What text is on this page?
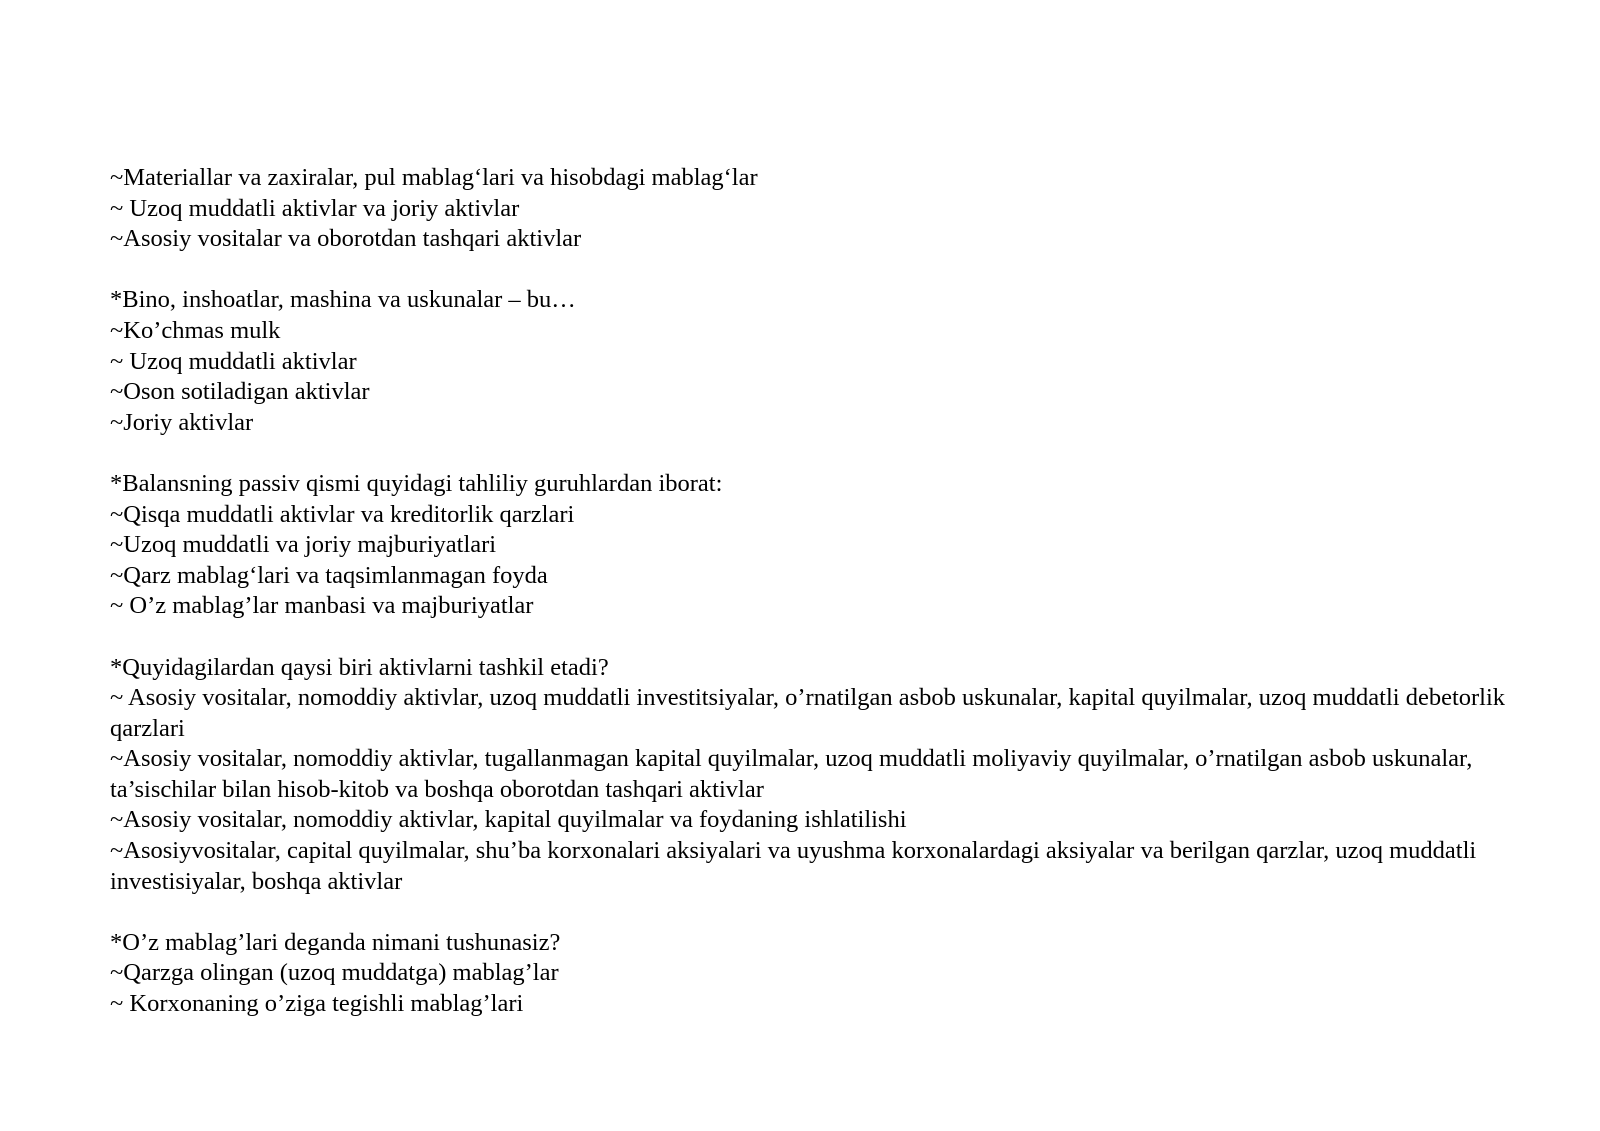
~Materiallar va zaxiralar, pul mablag‘lari va hisobdagi mablag‘lar
~ Uzoq muddatli aktivlar va joriy aktivlar
~Asosiy vositalar va oborotdan tashqari aktivlar
*Bino, inshoatlar, mashina va uskunalar – bu…
~Ko’chmas mulk
~ Uzoq muddatli aktivlar
~Oson sotiladigan aktivlar
~Joriy aktivlar
*Balansning passiv qismi quyidagi tahliliy guruhlardan iborat:
~Qisqa muddatli aktivlar va kreditorlik qarzlari
~Uzoq muddatli va joriy majburiyatlari
~Qarz mablag‘lari va taqsimlanmagan foyda
~ O’z mablag’lar manbasi va majburiyatlar
*Quyidagilardan qaysi biri aktivlarni tashkil etadi?
~ Asosiy vositalar, nomoddiy aktivlar, uzoq muddatli investitsiyalar, o’rnatilgan asbob uskunalar, kapital quyilmalar, uzoq muddatli debetorlik qarzlari
~Asosiy vositalar, nomoddiy aktivlar, tugallanmagan kapital quyilmalar, uzoq muddatli moliyaviy quyilmalar, o’rnatilgan asbob uskunalar, ta’sischilar bilan hisob-kitob va boshqa oborotdan tashqari aktivlar
~Asosiy vositalar, nomoddiy aktivlar, kapital quyilmalar va foydaning ishlatilishi
~Asosiyvositalar, capital quyilmalar, shu’ba korxonalari aksiyalari va uyushma korxonalardagi aksiyalar va berilgan qarzlar, uzoq muddatli investisiyalar, boshqa aktivlar
*O’z mablag’lari deganda nimani tushunasiz?
~Qarzga olingan (uzoq muddatga) mablag’lar
~ Korxonaning o’ziga tegishli mablag’lari
